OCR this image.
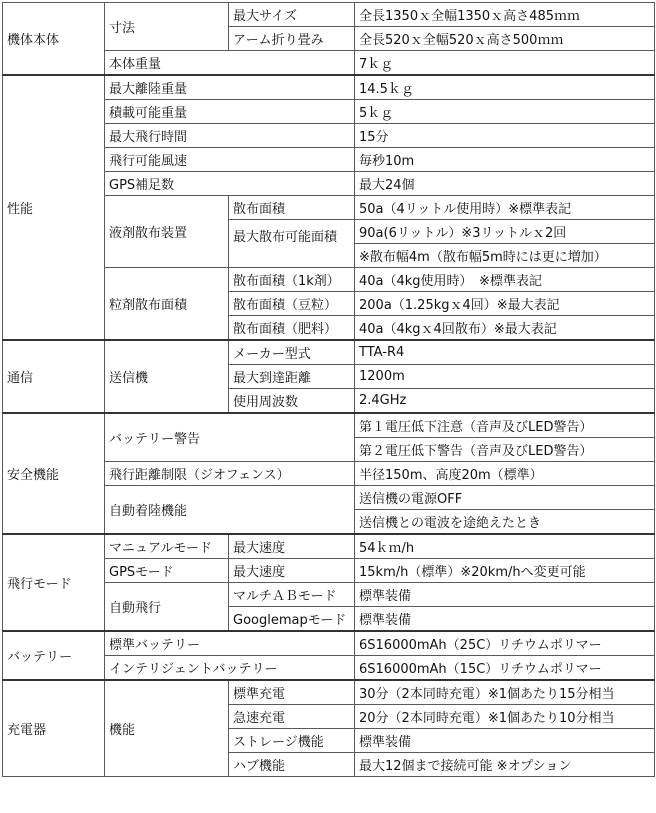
機体本体	寸法	最大サイズ	全長1350ｘ全幅1350ｘ高さ485ｍｍ
		アーム折り畳み	全長520ｘ全幅520ｘ高さ500ｍｍ
	本体重量		7ｋｇ
性能	最大離陸重量		14.5ｋｇ
	積載可能重量		5ｋｇ
	最大飛行時間		15分
	飛行可能風速		毎秒10m
	GPS補足数		最大24個
	液剤散布装置	散布面積	50a（4リットル使用時）※標準表記
		最大散布可能面積	90a(6リットル）※3リットルｘ2回
			※散布幅4m（散布幅5m時には更に増加）
	粒剤散布面積	散布面積（1k剤）	40a（4kg使用時）　※標準表記
		散布面積（豆粒）	200a（1.25kgｘ4回）※最大表記
		散布面積（肥料）	40a（4kgｘ4回散布）※最大表記
通信	送信機	メーカー型式	TTA-R4
		最大到達距離	1200m
		使用周波数	2.4GHz
安全機能	バッテリー警告		第１電圧低下注意（音声及びLED警告）
			第２電圧低下警告（音声及びLED警告）
	飛行距離制限（ジオフェンス）		半径150m、高度20m（標準）
	自動着陸機能		送信機の電源OFF
			送信機との電波を途絶えたとき
飛行モード	マニュアルモード	最大速度	54ｋｍ/h
	GPSモード	最大速度	15km/h（標準）※20km/hへ変更可能
	自動飛行	マルチＡＢモード	標準装備
		Googlemapモード	標準装備
バッテリー	標準バッテリー		6S16000mAh（25C）リチウムポリマー
	インテリジェントバッテリー		6S16000mAh（15C）リチウムポリマー
充電器	機能	標準充電	30分（2本同時充電）※1個あたり15分相当
		急速充電	20分（2本同時充電）※1個あたり10分相当
		ストレージ機能	標準装備
		ハブ機能	最大12個まで接続可能 ※オプション
